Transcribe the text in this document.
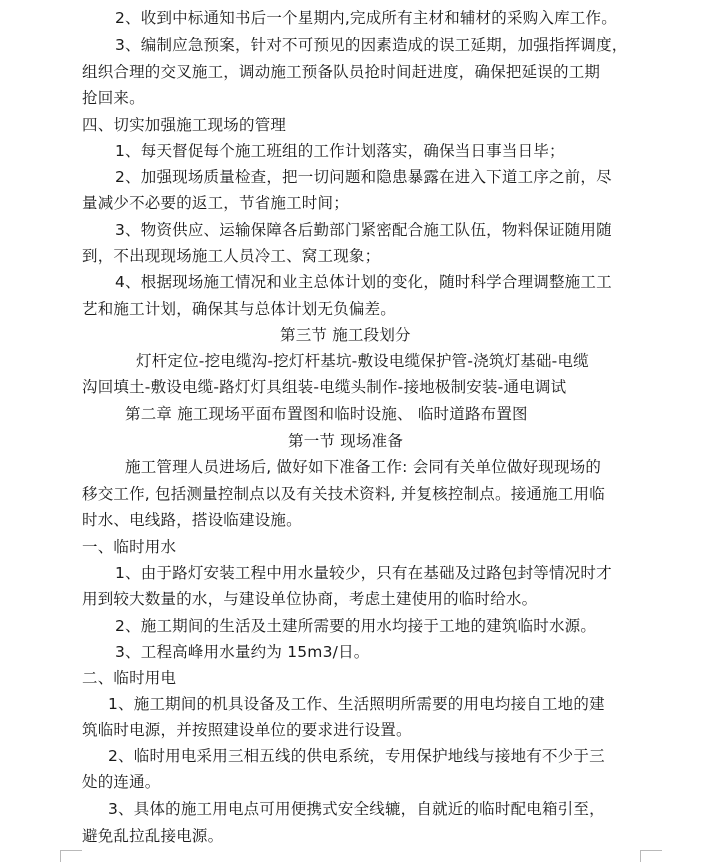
2、收到中标通知书后一个星期内,完成所有主材和辅材的采购入库工作。
3、编制应急预案，针对不可预见的因素造成的误工延期，加强指挥调度，
组织合理的交叉施工，调动施工预备队员抢时间赶进度，确保把延误的工期
抢回来。
四、切实加强施工现场的管理
1、每天督促每个施工班组的工作计划落实，确保当日事当日毕；
2、加强现场质量检查，把一切问题和隐患暴露在进入下道工序之前，尽
量减少不必要的返工，节省施工时间；
3、物资供应、运输保障各后勤部门紧密配合施工队伍，物料保证随用随
到，不出现现场施工人员冷工、窝工现象；
4、根据现场施工情况和业主总体计划的变化，随时科学合理调整施工工
艺和施工计划，确保其与总体计划无负偏差。
第三节 施工段划分
灯杆定位-挖电缆沟-挖灯杆基坑-敷设电缆保护管-浇筑灯基础-电缆
沟回填土-敷设电缆-路灯灯具组装-电缆头制作-接地极制安装-通电调试
第二章 施工现场平面布置图和临时设施、 临时道路布置图
第一节 现场准备
施工管理人员进场后, 做好如下准备工作: 会同有关单位做好现现场的
移交工作, 包括测量控制点以及有关技术资料, 并复核控制点。接通施工用临
时水、电线路，搭设临建设施。
一、临时用水
1、由于路灯安装工程中用水量较少，只有在基础及过路包封等情况时才
用到较大数量的水，与建设单位协商，考虑土建使用的临时给水。
2、施工期间的生活及土建所需要的用水均接于工地的建筑临时水源。
3、工程高峰用水量约为 15m3/日。
二、临时用电
1、施工期间的机具设备及工作、生活照明所需要的用电均接自工地的建
筑临时电源，并按照建设单位的要求进行设置。
2、临时用电采用三相五线的供电系统，专用保护地线与接地有不少于三
处的连通。
3、具体的施工用电点可用便携式安全线辘，自就近的临时配电箱引至，
避免乱拉乱接电源。
